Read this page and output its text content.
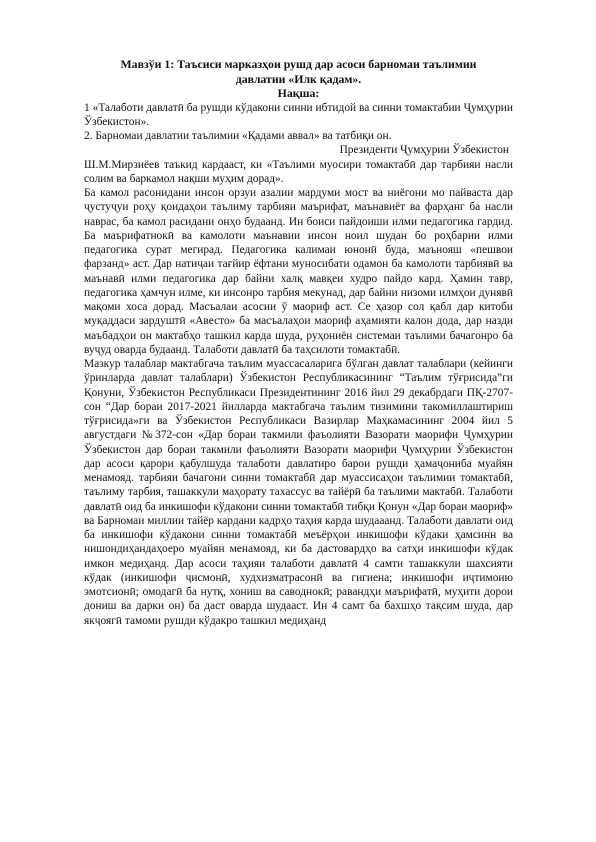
Мавзўи 1: Таъсиси марказҳои рушд дар асоси барномаи таълимии давлатии «Илк қадам».

Нақша:

1 «Талаботи давлатӣ ба рушди кўдакони синни ибтидой ва синни томактабии Ҷумҳурии Ўзбекистон».

2. Барномаи давлатии таълимии «Қадами аввал» ва татбиқи он.

Президенти Ҷумҳурии Ўзбекистон

Ш.М.Мирзиёев таъкид кардааст, ки «Таълими муосири томактабӣ дар тарбияи насли солим ва баркамол нақши муҳим дорад».

Ба камол расонидани инсон орзуи азалии мардуми мост ва ниёгони мо пайваста дар ҷустуҷуи роҳу қоидаҳои таълиму тарбияи маърифат, маънавиёт ва фарҳанг ба насли наврас, ба камол расидани онҳо будаанд. Ин боиси пайдоиши илми педагогика гардид. Ба маърифатнокӣ ва камолоти маънавии инсон ноил шудан бо роҳбарии илми педагогика сурат мегирад. Педагогика калимаи юнонӣ буда, маънояш «пешвои фарзанд» аст. Дар натиҷаи тағйир ёфтани муносибати одамон ба камолоти тарбиявӣ ва маънавӣ илми педагогика дар байни халқ мавқеи худро пайдо кард. Ҳамин тавр, педагогика ҳамчун илме, ки инсонро тарбия мекунад, дар байни низоми илмҳои дунявӣ мақоми хоса дорад. Масъалаи асосии ў маориф аст. Се ҳазор сол қабл дар китоби муқаддаси зардуштӣ «Авесто» ба масъалаҳои маориф аҳамияти калон дода, дар назди маъбадҳои он мактабҳо ташкил карда шуда, руҳониён системаи таълими бачагонро ба вуҷуд оварда будаанд. Талаботи давлатӣ ба таҳсилоти томактабӣ.

Мазкур талаблар мактабгача таълим муассасаларига бўлган давлат талаблари (кейинги ўринларда давлат талаблари) Ўзбекистон Республикасининг “Таълим тўғрисида”ги Қонуни, Ўзбекистон Республикаси Президентининг 2016 йил 29 декабрдаги ПҚ-2707-сон “Дар бораи 2017-2021 йилларда мактабгача таълим тизимини такомиллаштириш тўғрисида»ги ва Ўзбекистон Республикаси Вазирлар Маҳкамасининг 2004 йил 5 августдаги №372-сон «Дар бораи такмили фаъолияти Вазорати маорифи Ҷумҳурии Ўзбекистон дар бораи такмили фаъолияти Вазорати маорифи Ҷумҳурии Ўзбекистон дар асоси қарори қабулшуда талаботи давлатиро барои рушди ҳамаҷониба муайян менамояд. тарбияи бачагони синни томактабӣ дар муассисаҳои таълимии томактабӣ, таълиму тарбия, ташаккули маҳорату тахассус ва тайёрӣ ба таълими мактабӣ. Талаботи давлатӣ оид ба инкишофи кўдакони синни томактабӣ тибқи Қонун «Дар бораи маориф» ва Барномаи миллии тайёр кардани кадрҳо таҳия карда шудааанд. Талаботи давлати оид ба инкишофи кўдакони синни томактабӣ меъёрҳои инкишофи кўдаки ҳамсинн ва нишондиҳандаҳоеро муайян менамояд, ки ба дастовардҳо ва сатҳи инкишофи кўдак имкон медиҳанд. Дар асоси таҳияи талаботи давлатӣ 4 самти ташаккули шахсияти кўдак (инкишофи ҷисмонӣ, худхизматрасонӣ ва гигиена; инкишофи иҷтимоию эмотсионӣ; омодагӣ ба нутқ, хониш ва саводнокӣ; равандҳи маърифатӣ, муҳити дорои дониш ва дарки он) ба даст оварда шудааст. Ин 4 самт ба бахшҳо тақсим шуда, дар якҷоягӣ тамоми рушди кўдакро ташкил медиҳанд
